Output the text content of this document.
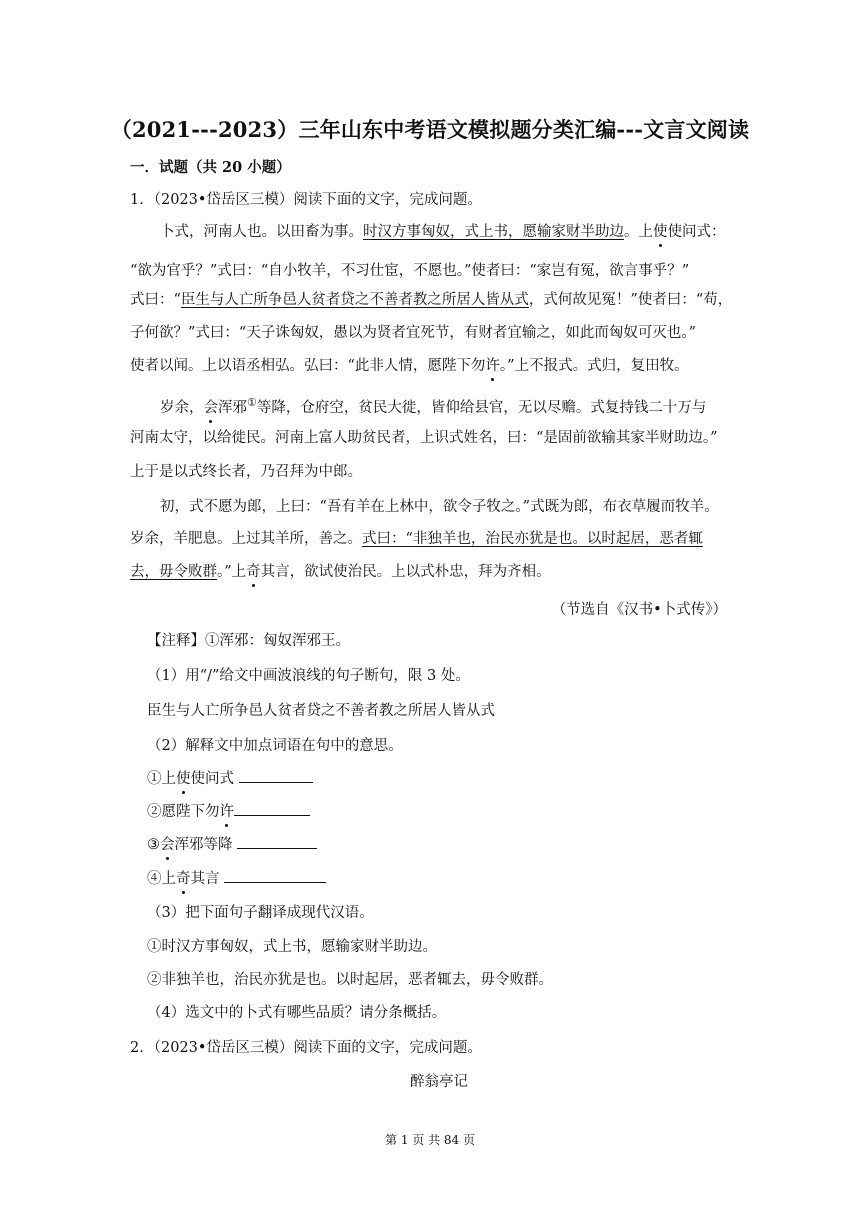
（2021---2023）三年山东中考语文模拟题分类汇编---文言文阅读
一．试题（共 20 小题）
1．（2023•岱岳区三模）阅读下面的文字，完成问题。
卜式，河南人也。以田畜为事。时汉方事匈奴，式上书，愿输家财半助边。上使使问式：
“欲为官乎？”式曰：“自小牧羊，不习仕宦，不愿也。”使者曰：“家岂有冤，欲言事乎？”
式曰：“臣生与人亡所争邑人贫者贷之不善者教之所居人皆从式，式何故见冤！”使者曰：“苟，
子何欲？”式曰：“天子诛匈奴，愚以为贤者宜死节，有财者宜输之，如此而匈奴可灭也。”
使者以闻。上以语丞相弘。弘曰：“此非人情，愿陛下勿许。”上不报式。式归，复田牧。
岁余，会浑邪①等降，仓府空，贫民大徙，皆仰给县官，无以尽赡。式复持钱二十万与
河南太守，以给徙民。河南上富人助贫民者，上识式姓名，曰：“是固前欲输其家半财助边。”
上于是以式终长者，乃召拜为中郎。
初，式不愿为郎，上曰：“吾有羊在上林中，欲令子牧之。”式既为郎，布衣草履而牧羊。
岁余，羊肥息。上过其羊所，善之。式曰：“非独羊也，治民亦犹是也。以时起居，恶者辄
去，毋令败群。”上奇其言，欲试使治民。上以式朴忠，拜为齐相。
（节选自《汉书•卜式传》）
【注释】①浑邪：匈奴浑邪王。
（1）用“/”给文中画波浪线的句子断句，限 3 处。
臣生与人亡所争邑人贫者贷之不善者教之所居人皆从式
（2）解释文中加点词语在句中的意思。
①上使使问式
②愿陛下勿许
③会浑邪等降
④上奇其言
（3）把下面句子翻译成现代汉语。
①时汉方事匈奴，式上书，愿输家财半助边。
②非独羊也，治民亦犹是也。以时起居，恶者辄去，毋令败群。
（4）选文中的卜式有哪些品质？请分条概括。
2．（2023•岱岳区三模）阅读下面的文字，完成问题。
醉翁亭记
第 1 页 共 84 页
